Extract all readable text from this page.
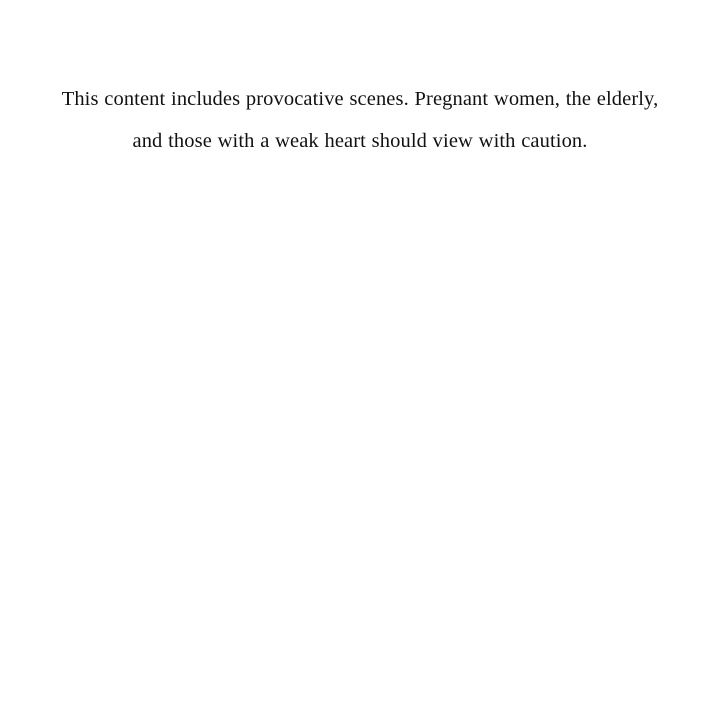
This content includes provocative scenes. Pregnant women, the elderly, and those with a weak heart should view with caution.
